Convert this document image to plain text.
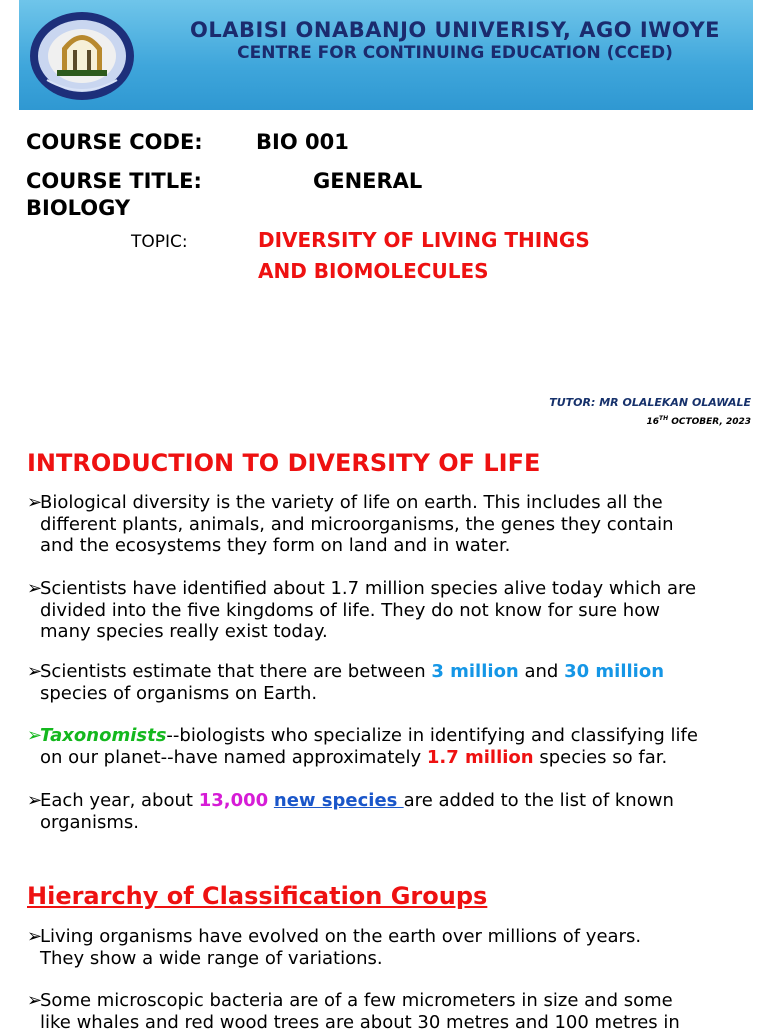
OLABISI ONABANJO UNIVERISY, AGO IWOYE
CENTRE FOR CONTINUING EDUCATION (CCED)
COURSE CODE:	BIO 001
COURSE TITLE:	GENERAL
BIOLOGY
TOPIC:	DIVERSITY OF LIVING THINGS
AND BIOMOLECULES
TUTOR: MR OLALEKAN OLAWALE
16TH OCTOBER, 2023
INTRODUCTION TO DIVERSITY OF LIFE
➢Biological diversity is the variety of life on earth. This includes all the
different plants, animals, and microorganisms, the genes they contain
and the ecosystems they form on land and in water.
➢Scientists have identified about 1.7 million species alive today which are
divided into the five kingdoms of life. They do not know for sure how
many species really exist today.
➢Scientists estimate that there are between 3 million and 30 million
species of organisms on Earth.
➢Taxonomists--biologists who specialize in identifying and classifying life
on our planet--have named approximately 1.7 million species so far.
➢Each year, about 13,000 new species are added to the list of known
organisms.
Hierarchy of Classification Groups
➢Living organisms have evolved on the earth over millions of years.
They show a wide range of variations.
➢Some microscopic bacteria are of a few micrometers in size and some
like whales and red wood trees are about 30 metres and 100 metres in
